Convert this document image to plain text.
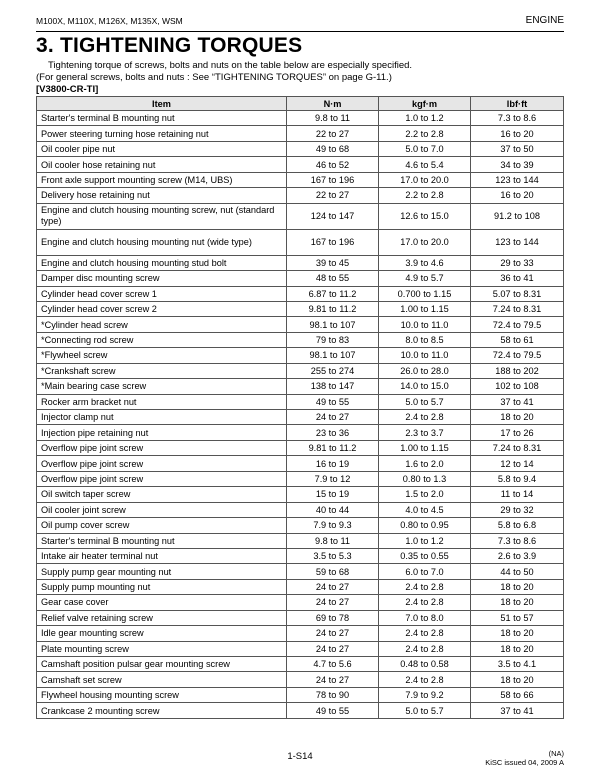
M100X, M110X, M126X, M135X, WSM	ENGINE
3. TIGHTENING TORQUES
Tightening torque of screws, bolts and nuts on the table below are especially specified.
(For general screws, bolts and nuts : See “TIGHTENING TORQUES” on page G-11.)
[V3800-CR-TI]
Item	N·m	kgf·m	lbf·ft
Starter's terminal B mounting nut	9.8 to 11	1.0 to 1.2	7.3 to 8.6
Power steering turning hose retaining nut	22 to 27	2.2 to 2.8	16 to 20
Oil cooler pipe nut	49 to 68	5.0 to 7.0	37 to 50
Oil cooler hose retaining nut	46 to 52	4.6 to 5.4	34 to 39
Front axle support mounting screw (M14, UBS)	167 to 196	17.0 to 20.0	123 to 144
Delivery hose retaining nut	22 to 27	2.2 to 2.8	16 to 20
Engine and clutch housing mounting screw, nut (standard type)	124 to 147	12.6 to 15.0	91.2 to 108
Engine and clutch housing mounting nut (wide type)	167 to 196	17.0 to 20.0	123 to 144
Engine and clutch housing mounting stud bolt	39 to 45	3.9 to 4.6	29 to 33
Damper disc mounting screw	48 to 55	4.9 to 5.7	36 to 41
Cylinder head cover screw 1	6.87 to 11.2	0.700 to 1.15	5.07 to 8.31
Cylinder head cover screw 2	9.81 to 11.2	1.00 to 1.15	7.24 to 8.31
*Cylinder head screw	98.1 to 107	10.0 to 11.0	72.4 to 79.5
*Connecting rod screw	79 to 83	8.0 to 8.5	58 to 61
*Flywheel screw	98.1 to 107	10.0 to 11.0	72.4 to 79.5
*Crankshaft screw	255 to 274	26.0 to 28.0	188 to 202
*Main bearing case screw	138 to 147	14.0 to 15.0	102 to 108
Rocker arm bracket nut	49 to 55	5.0 to 5.7	37 to 41
Injector clamp nut	24 to 27	2.4 to 2.8	18 to 20
Injection pipe retaining nut	23 to 36	2.3 to 3.7	17 to 26
Overflow pipe joint screw	9.81 to 11.2	1.00 to 1.15	7.24 to 8.31
Overflow pipe joint screw	16 to 19	1.6 to 2.0	12 to 14
Overflow pipe joint screw	7.9 to 12	0.80 to 1.3	5.8 to 9.4
Oil switch taper screw	15 to 19	1.5 to 2.0	11 to 14
Oil cooler joint screw	40 to 44	4.0 to 4.5	29 to 32
Oil pump cover screw	7.9 to 9.3	0.80 to 0.95	5.8 to 6.8
Starter's terminal B mounting nut	9.8 to 11	1.0 to 1.2	7.3 to 8.6
Intake air heater terminal nut	3.5 to 5.3	0.35 to 0.55	2.6 to 3.9
Supply pump gear mounting nut	59 to 68	6.0 to 7.0	44 to 50
Supply pump mounting nut	24 to 27	2.4 to 2.8	18 to 20
Gear case cover	24 to 27	2.4 to 2.8	18 to 20
Relief valve retaining screw	69 to 78	7.0 to 8.0	51 to 57
Idle gear mounting screw	24 to 27	2.4 to 2.8	18 to 20
Plate mounting screw	24 to 27	2.4 to 2.8	18 to 20
Camshaft position pulsar gear mounting screw	4.7 to 5.6	0.48 to 0.58	3.5 to 4.1
Camshaft set screw	24 to 27	2.4 to 2.8	18 to 20
Flywheel housing mounting screw	78 to 90	7.9 to 9.2	58 to 66
Crankcase 2 mounting screw	49 to 55	5.0 to 5.7	37 to 41
1-S14	(NA)
KiSC issued 04, 2009 A
